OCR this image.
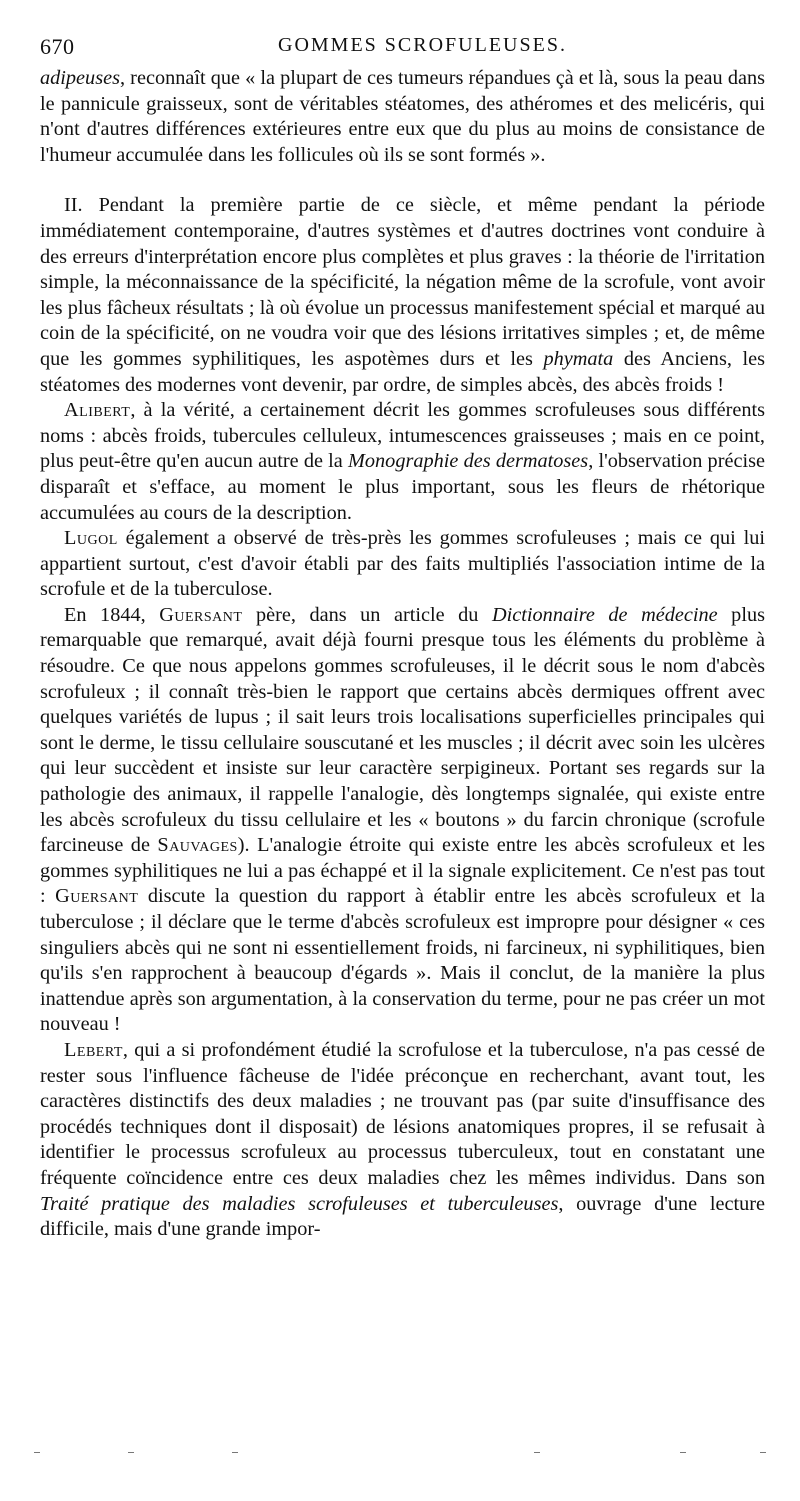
670	GOMMES SCROFULEUSES.

adipeuses, reconnaît que « la plupart de ces tumeurs répandues çà et là, sous la peau dans le pannicule graisseux, sont de véritables stéatomes, des athéromes et des melicéris, qui n'ont d'autres différences extérieures entre eux que du plus au moins de consistance de l'humeur accumulée dans les follicules où ils se sont formés ».

II. Pendant la première partie de ce siècle, et même pendant la période immédiatement contemporaine, d'autres systèmes et d'autres doctrines vont conduire à des erreurs d'interprétation encore plus complètes et plus graves : la théorie de l'irritation simple, la méconnaissance de la spécificité, la négation même de la scrofule, vont avoir les plus fâcheux résultats ; là où évolue un processus manifestement spécial et marqué au coin de la spécificité, on ne voudra voir que des lésions irritatives simples ; et, de même que les gommes syphilitiques, les aspotèmes durs et les phymata des Anciens, les stéatomes des modernes vont devenir, par ordre, de simples abcès, des abcès froids !

Alibert, à la vérité, a certainement décrit les gommes scrofuleuses sous différents noms : abcès froids, tubercules celluleux, intumescences graisseuses ; mais en ce point, plus peut-être qu'en aucun autre de la Monographie des dermatoses, l'observation précise disparaît et s'efface, au moment le plus important, sous les fleurs de rhétorique accumulées au cours de la description.

Lugol également a observé de très-près les gommes scrofuleuses ; mais ce qui lui appartient surtout, c'est d'avoir établi par des faits multipliés l'association intime de la scrofule et de la tuberculose.

En 1844, Guersant père, dans un article du Dictionnaire de médecine plus remarquable que remarqué, avait déjà fourni presque tous les éléments du problème à résoudre. Ce que nous appelons gommes scrofuleuses, il le décrit sous le nom d'abcès scrofuleux ; il connaît très-bien le rapport que certains abcès dermiques offrent avec quelques variétés de lupus ; il sait leurs trois localisations superficielles principales qui sont le derme, le tissu cellulaire souscutané et les muscles ; il décrit avec soin les ulcères qui leur succèdent et insiste sur leur caractère serpigineux. Portant ses regards sur la pathologie des animaux, il rappelle l'analogie, dès longtemps signalée, qui existe entre les abcès scrofuleux du tissu cellulaire et les « boutons » du farcin chronique (scrofule farcineuse de Sauvages). L'analogie étroite qui existe entre les abcès scrofuleux et les gommes syphilitiques ne lui a pas échappé et il la signale explicitement. Ce n'est pas tout : Guersant discute la question du rapport à établir entre les abcès scrofuleux et la tuberculose ; il déclare que le terme d'abcès scrofuleux est impropre pour désigner « ces singuliers abcès qui ne sont ni essentiellement froids, ni farcineux, ni syphilitiques, bien qu'ils s'en rapprochent à beaucoup d'égards ». Mais il conclut, de la manière la plus inattendue après son argumentation, à la conservation du terme, pour ne pas créer un mot nouveau !

Lebert, qui a si profondément étudié la scrofulose et la tuberculose, n'a pas cessé de rester sous l'influence fâcheuse de l'idée préconçue en recherchant, avant tout, les caractères distinctifs des deux maladies ; ne trouvant pas (par suite d'insuffisance des procédés techniques dont il disposait) de lésions anatomiques propres, il se refusait à identifier le processus scrofuleux au processus tuberculeux, tout en constatant une fréquente coïncidence entre ces deux maladies chez les mêmes individus. Dans son Traité pratique des maladies scrofuleuses et tuberculeuses, ouvrage d'une lecture difficile, mais d'une grande impor-
